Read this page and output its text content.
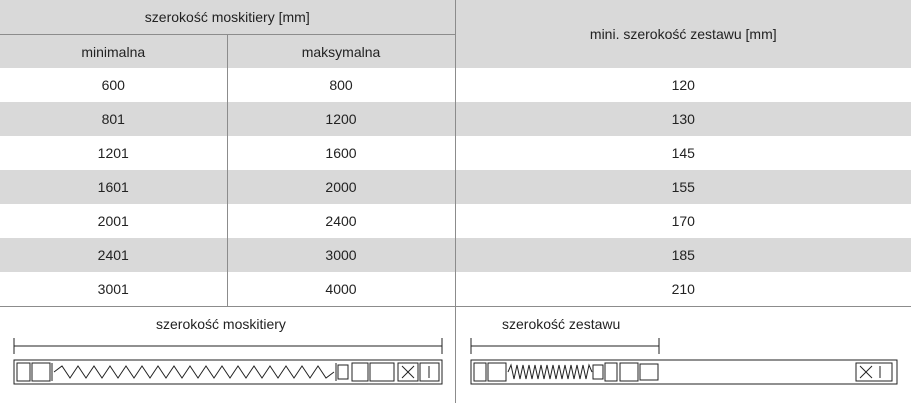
szerokość moskitiery [mm]		mini. szerokość zestawu [mm]
minimalna	maksymalna	
600	800	120
801	1200	130
1201	1600	145
1601	2000	155
2001	2400	170
2401	3000	185
3001	4000	210
szerokość moskitiery	szerokość zestawu
